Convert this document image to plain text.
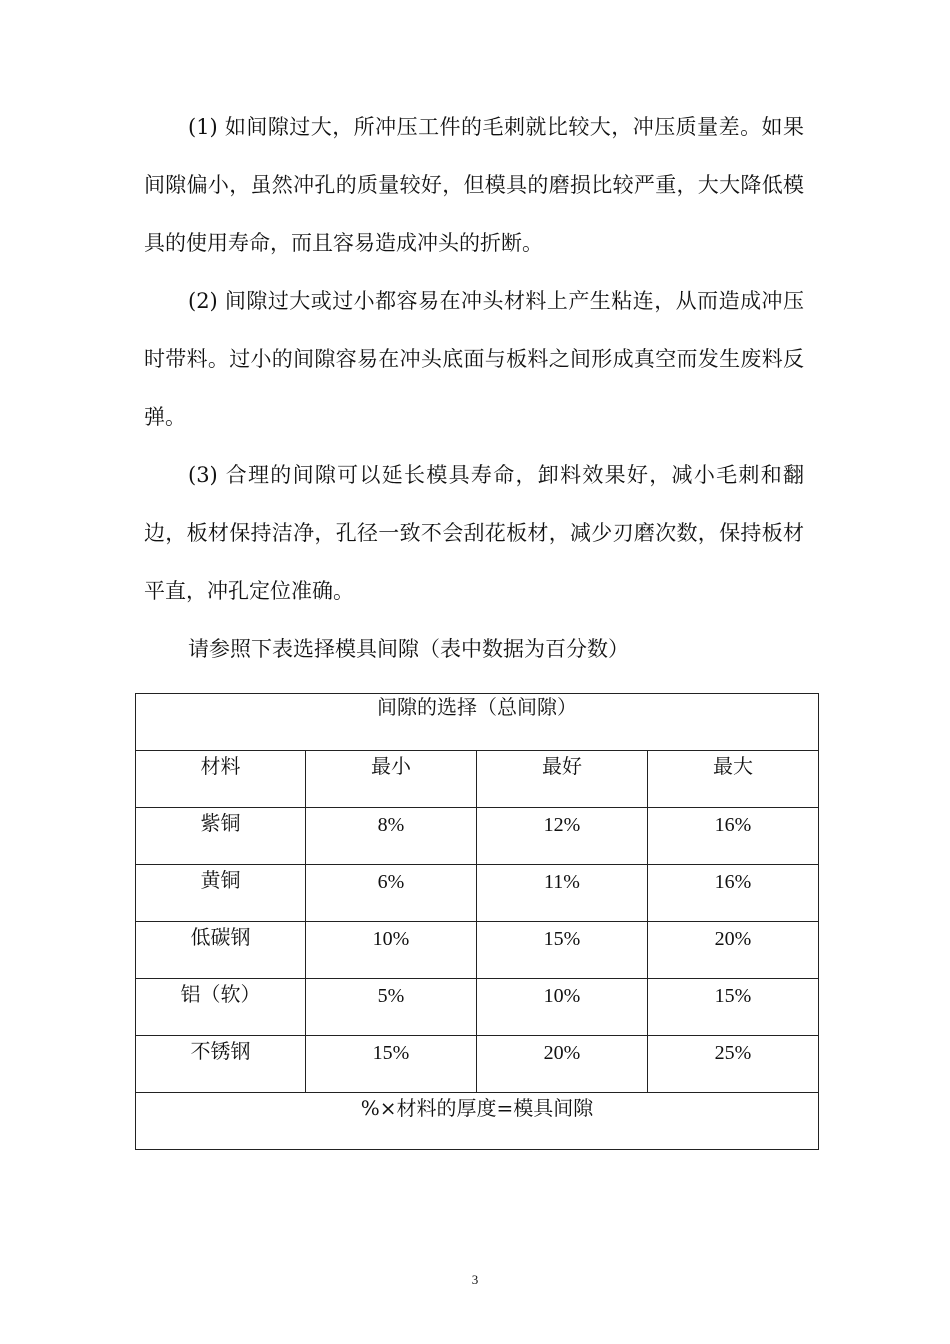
(1) 如间隙过大，所冲压工件的毛刺就比较大，冲压质量差。如果间隙偏小，虽然冲孔的质量较好，但模具的磨损比较严重，大大降低模具的使用寿命，而且容易造成冲头的折断。

(2) 间隙过大或过小都容易在冲头材料上产生粘连，从而造成冲压时带料。过小的间隙容易在冲头底面与板料之间形成真空而发生废料反弹。

(3) 合理的间隙可以延长模具寿命，卸料效果好，减小毛刺和翻边，板材保持洁净，孔径一致不会刮花板材，减少刃磨次数，保持板材平直，冲孔定位准确。

请参照下表选择模具间隙（表中数据为百分数）

间隙的选择（总间隙）			
材料	最小	最好	最大
紫铜	8%	12%	16%
黄铜	6%	11%	16%
低碳钢	10%	15%	20%
铝（软）	5%	10%	15%
不锈钢	15%	20%	25%
%×材料的厚度=模具间隙			
3
